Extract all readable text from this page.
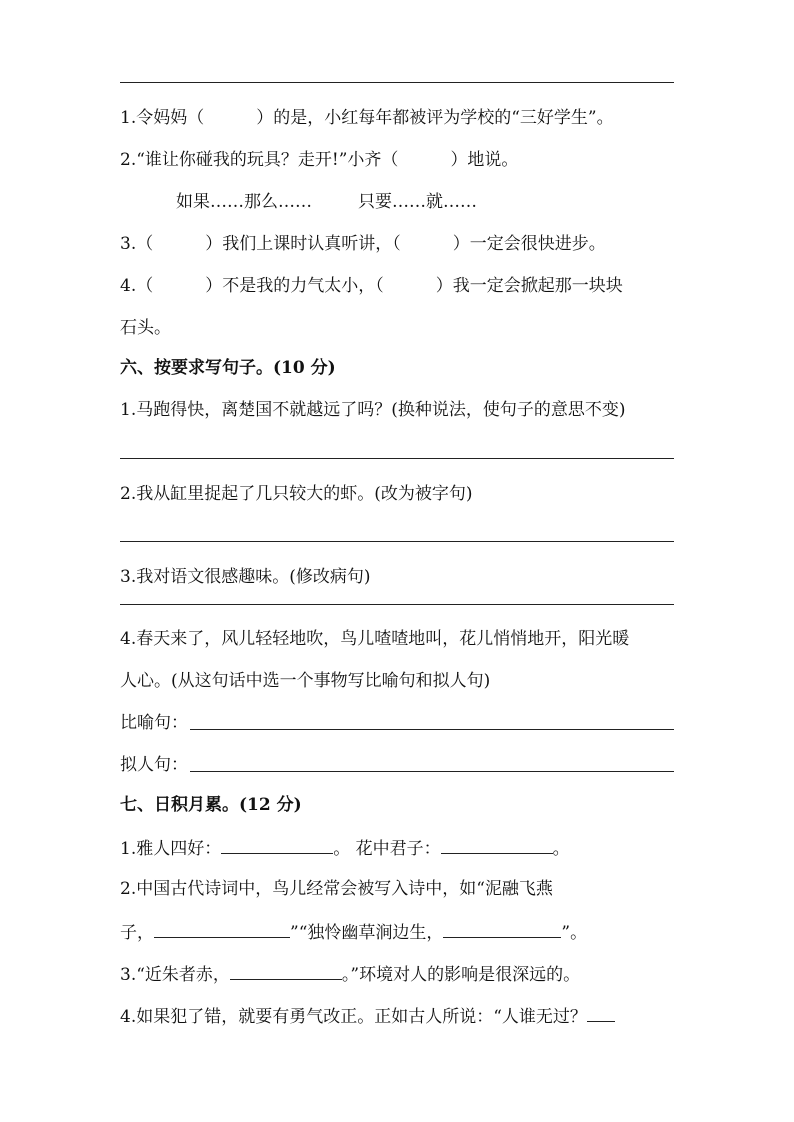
1.令妈妈（	）的是，小红每年都被评为学校的“三好学生”。
2.“谁让你碰我的玩具？走开!”小齐（	）地说。
如果……那么……	只要……就……
3.（	）我们上课时认真听讲，（	）一定会很快进步。
4.（	）不是我的力气太小，（	）我一定会掀起那一块块
石头。
六、按要求写句子。(10 分)
1.马跑得快，离楚国不就越远了吗？(换种说法，使句子的意思不变)
2.我从缸里捉起了几只较大的虾。(改为被字句)
3.我对语文很感趣味。(修改病句)
4.春天来了，风儿轻轻地吹，鸟儿喳喳地叫，花儿悄悄地开，阳光暖
人心。(从这句话中选一个事物写比喻句和拟人句)
比喻句：
拟人句：
七、日积月累。(12 分)
1.雅人四好：	。 花中君子：	。
2.中国古代诗词中，鸟儿经常会被写入诗中，如“泥融飞燕
子，	”“独怜幽草涧边生，	”。
3.“近朱者赤，	。”环境对人的影响是很深远的。
4.如果犯了错，就要有勇气改正。正如古人所说：“人谁无过？
